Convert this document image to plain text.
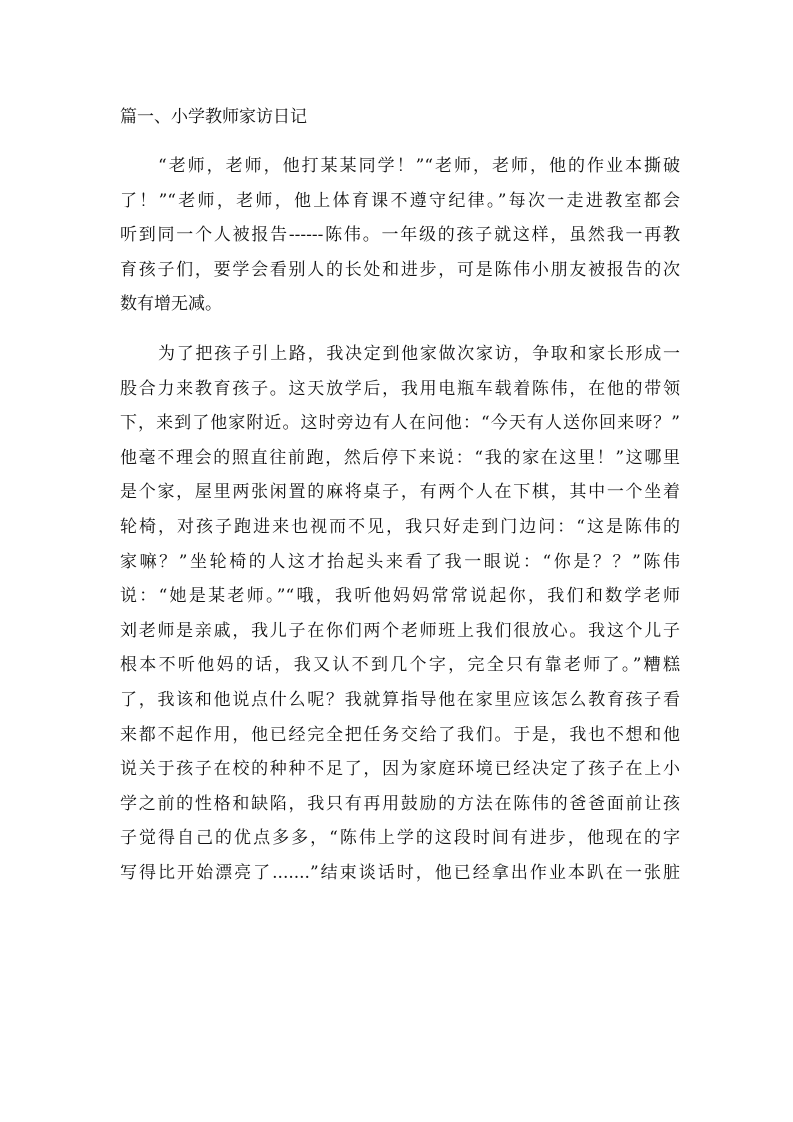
篇一、小学教师家访日记

“老师，老师，他打某某同学！”“老师，老师，他的作业本撕破

了！”“老师，老师，他上体育课不遵守纪律。”每次一走进教室都会

听到同一个人被报告------陈伟。一年级的孩子就这样，虽然我一再教

育孩子们，要学会看别人的长处和进步，可是陈伟小朋友被报告的次

数有增无减。

为了把孩子引上路，我决定到他家做次家访，争取和家长形成一

股合力来教育孩子。这天放学后，我用电瓶车载着陈伟，在他的带领

下，来到了他家附近。这时旁边有人在问他：“今天有人送你回来呀？”

他毫不理会的照直往前跑，然后停下来说：“我的家在这里！”这哪里

是个家，屋里两张闲置的麻将桌子，有两个人在下棋，其中一个坐着

轮椅，对孩子跑进来也视而不见，我只好走到门边问：“这是陈伟的

家嘛？”坐轮椅的人这才抬起头来看了我一眼说：“你是？？”陈伟

说：“她是某老师。”“哦，我听他妈妈常常说起你，我们和数学老师

刘老师是亲戚，我儿子在你们两个老师班上我们很放心。我这个儿子

根本不听他妈的话，我又认不到几个字，完全只有靠老师了。”糟糕

了，我该和他说点什么呢？我就算指导他在家里应该怎么教育孩子看

来都不起作用，他已经完全把任务交给了我们。于是，我也不想和他

说关于孩子在校的种种不足了，因为家庭环境已经决定了孩子在上小

学之前的性格和缺陷，我只有再用鼓励的方法在陈伟的爸爸面前让孩

子觉得自己的优点多多，“陈伟上学的这段时间有进步，他现在的字

写得比开始漂亮了.......”结束谈话时，他已经拿出作业本趴在一张脏
